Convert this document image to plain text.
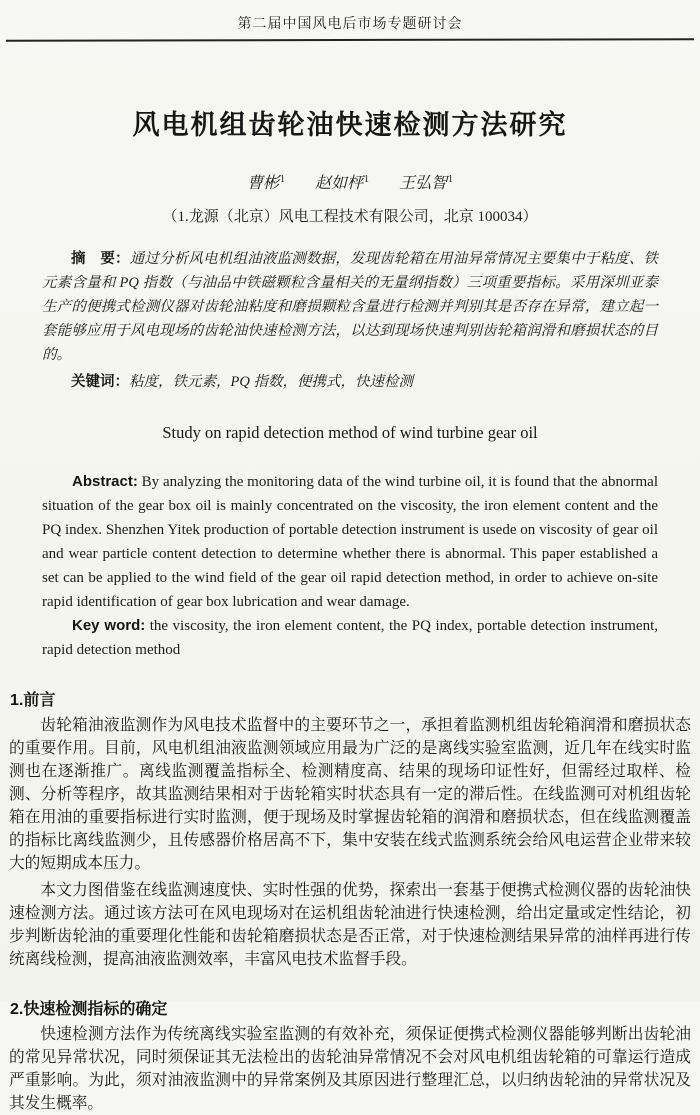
第二届中国风电后市场专题研讨会
风电机组齿轮油快速检测方法研究
曹彬$^1$ 赵如枰$^1$ 王弘智$^1$
（1.龙源（北京）风电工程技术有限公司，北京 100034）

摘　要：通过分析风电机组油液监测数据，发现齿轮箱在用油异常情况主要集中于粘度、铁元素含量和 PQ 指数（与油品中铁磁颗粒含量相关的无量纲指数）三项重要指标。采用深圳亚泰生产的便携式检测仪器对齿轮油粘度和磨损颗粒含量进行检测并判别其是否存在异常，建立起一套能够应用于风电现场的齿轮油快速检测方法，以达到现场快速判别齿轮箱润滑和磨损状态的目的。

关键词：粘度，铁元素，PQ 指数，便携式，快速检测

Study on rapid detection method of wind turbine gear oil

Abstract: By analyzing the monitoring data of the wind turbine oil, it is found that the abnormal situation of the gear box oil is mainly concentrated on the viscosity, the iron element content and the PQ index. Shenzhen Yitek production of portable detection instrument is usede on viscosity of gear oil and wear particle content detection to determine whether there is abnormal. This paper established a set can be applied to the wind field of the gear oil rapid detection method, in order to achieve on-site rapid identification of gear box lubrication and wear damage.

Key word: the viscosity, the iron element content, the PQ index, portable detection instrument, rapid detection method

1.前言

齿轮箱油液监测作为风电技术监督中的主要环节之一，承担着监测机组齿轮箱润滑和磨损状态的重要作用。目前，风电机组油液监测领域应用最为广泛的是离线实验室监测，近几年在线实时监测也在逐渐推广。离线监测覆盖指标全、检测精度高、结果的现场印证性好，但需经过取样、检测、分析等程序，故其监测结果相对于齿轮箱实时状态具有一定的滞后性。在线监测可对机组齿轮箱在用油的重要指标进行实时监测，便于现场及时掌握齿轮箱的润滑和磨损状态，但在线监测覆盖的指标比离线监测少，且传感器价格居高不下，集中安装在线式监测系统会给风电运营企业带来较大的短期成本压力。

本文力图借鉴在线监测速度快、实时性强的优势，探索出一套基于便携式检测仪器的齿轮油快速检测方法。通过该方法可在风电现场对在运机组齿轮油进行快速检测，给出定量或定性结论，初步判断齿轮油的重要理化性能和齿轮箱磨损状态是否正常，对于快速检测结果异常的油样再进行传统离线检测，提高油液监测效率，丰富风电技术监督手段。

2.快速检测指标的确定

快速检测方法作为传统离线实验室监测的有效补充，须保证便携式检测仪器能够判断出齿轮油的常见异常状况，同时须保证其无法检出的齿轮油异常情况不会对风电机组齿轮箱的可靠运行造成严重影响。为此，须对油液监测中的异常案例及其原因进行整理汇总，以归纳齿轮油的异常状况及其发生概率。
